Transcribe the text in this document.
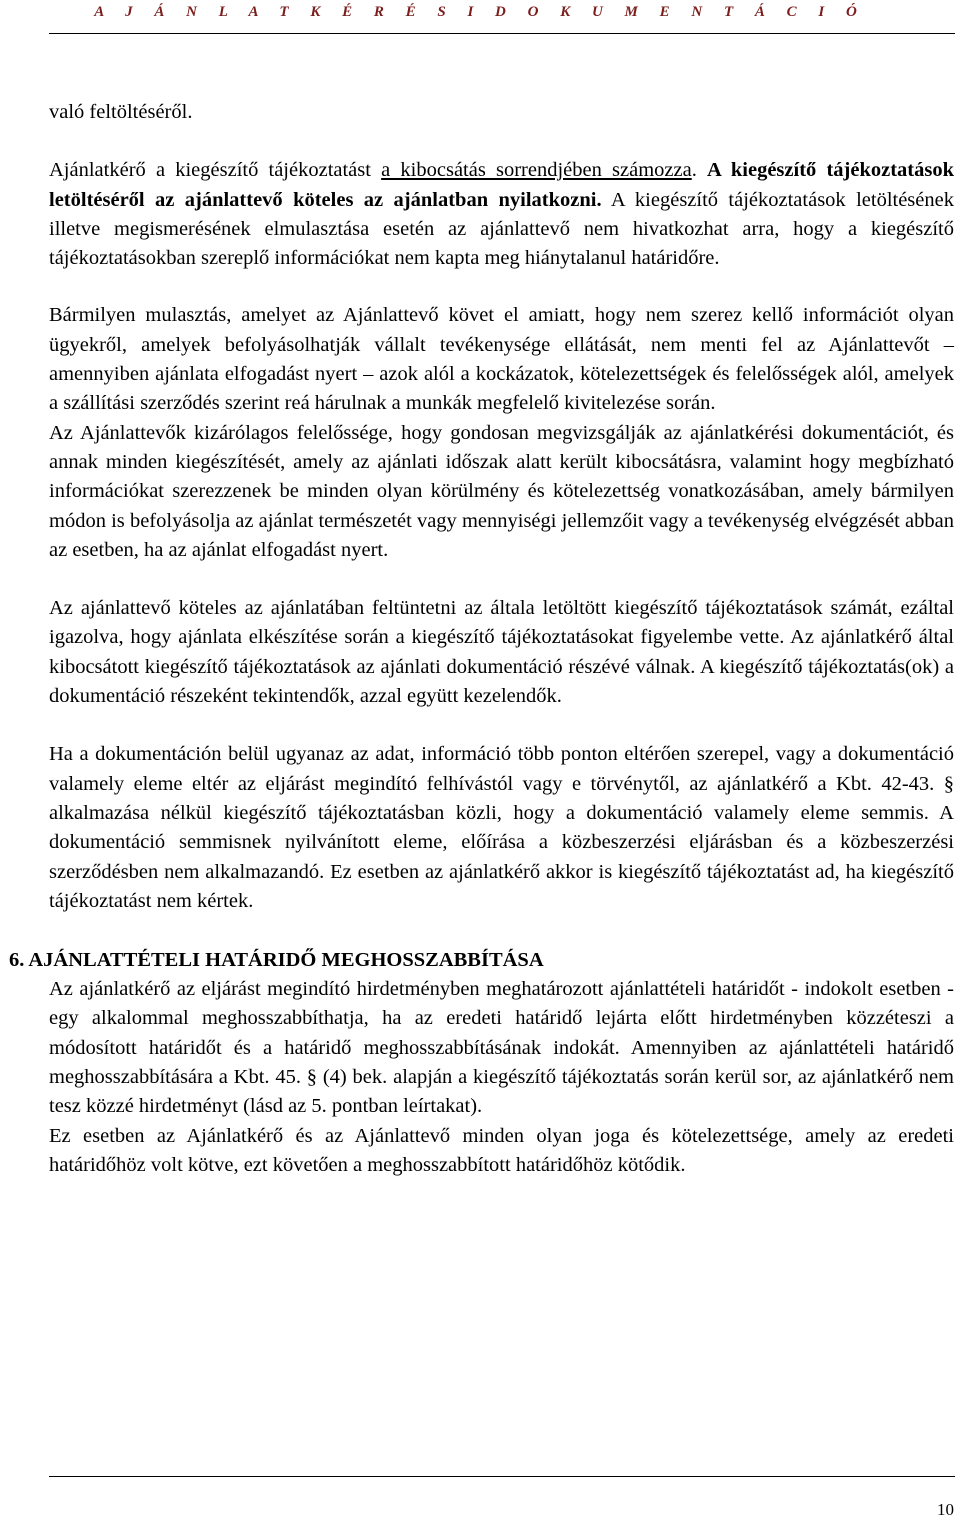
A J Á N L A T K É R É S I D O K U M E N T Á C I Ó

való feltöltéséről.

Ajánlatkérő a kiegészítő tájékoztatást a kibocsátás sorrendjében számozza. A kiegészítő tájékoztatások letöltéséről az ajánlattevő köteles az ajánlatban nyilatkozni. A kiegészítő tájékoztatások letöltésének illetve megismerésének elmulasztása esetén az ajánlattevő nem hivatkozhat arra, hogy a kiegészítő tájékoztatásokban szereplő információkat nem kapta meg hiánytalanul határidőre.

Bármilyen mulasztás, amelyet az Ajánlattevő követ el amiatt, hogy nem szerez kellő információt olyan ügyekről, amelyek befolyásolhatják vállalt tevékenysége ellátását, nem menti fel az Ajánlattevőt – amennyiben ajánlata elfogadást nyert – azok alól a kockázatok, kötelezettségek és felelősségek alól, amelyek a szállítási szerződés szerint reá hárulnak a munkák megfelelő kivitelezése során.

Az Ajánlattevők kizárólagos felelőssége, hogy gondosan megvizsgálják az ajánlatkérési dokumentációt, és annak minden kiegészítését, amely az ajánlati időszak alatt került kibocsátásra, valamint hogy megbízható információkat szerezzenek be minden olyan körülmény és kötelezettség vonatkozásában, amely bármilyen módon is befolyásolja az ajánlat természetét vagy mennyiségi jellemzőit vagy a tevékenység elvégzését abban az esetben, ha az ajánlat elfogadást nyert.

Az ajánlattevő köteles az ajánlatában feltüntetni az általa letöltött kiegészítő tájékoztatások számát, ezáltal igazolva, hogy ajánlata elkészítése során a kiegészítő tájékoztatásokat figyelembe vette. Az ajánlatkérő által kibocsátott kiegészítő tájékoztatások az ajánlati dokumentáció részévé válnak. A kiegészítő tájékoztatás(ok) a dokumentáció részeként tekintendők, azzal együtt kezelendők.

Ha a dokumentáción belül ugyanaz az adat, információ több ponton eltérően szerepel, vagy a dokumentáció valamely eleme eltér az eljárást megindító felhívástól vagy e törvénytől, az ajánlatkérő a Kbt. 42-43. § alkalmazása nélkül kiegészítő tájékoztatásban közli, hogy a dokumentáció valamely eleme semmis. A dokumentáció semmisnek nyilvánított eleme, előírása a közbeszerzési eljárásban és a közbeszerzési szerződésben nem alkalmazandó. Ez esetben az ajánlatkérő akkor is kiegészítő tájékoztatást ad, ha kiegészítő tájékoztatást nem kértek.

6. AJÁNLATTÉTELI HATÁRIDŐ MEGHOSSZABBÍTÁSA

Az ajánlatkérő az eljárást megindító hirdetményben meghatározott ajánlattételi határidőt - indokolt esetben - egy alkalommal meghosszabbíthatja, ha az eredeti határidő lejárta előtt hirdetményben közzéteszi a módosított határidőt és a határidő meghosszabbításának indokát. Amennyiben az ajánlattételi határidő meghosszabbítására a Kbt. 45. § (4) bek. alapján a kiegészítő tájékoztatás során kerül sor, az ajánlatkérő nem tesz közzé hirdetményt (lásd az 5. pontban leírtakat).

Ez esetben az Ajánlatkérő és az Ajánlattevő minden olyan joga és kötelezettsége, amely az eredeti határidőhöz volt kötve, ezt követően a meghosszabbított határidőhöz kötődik.

10
